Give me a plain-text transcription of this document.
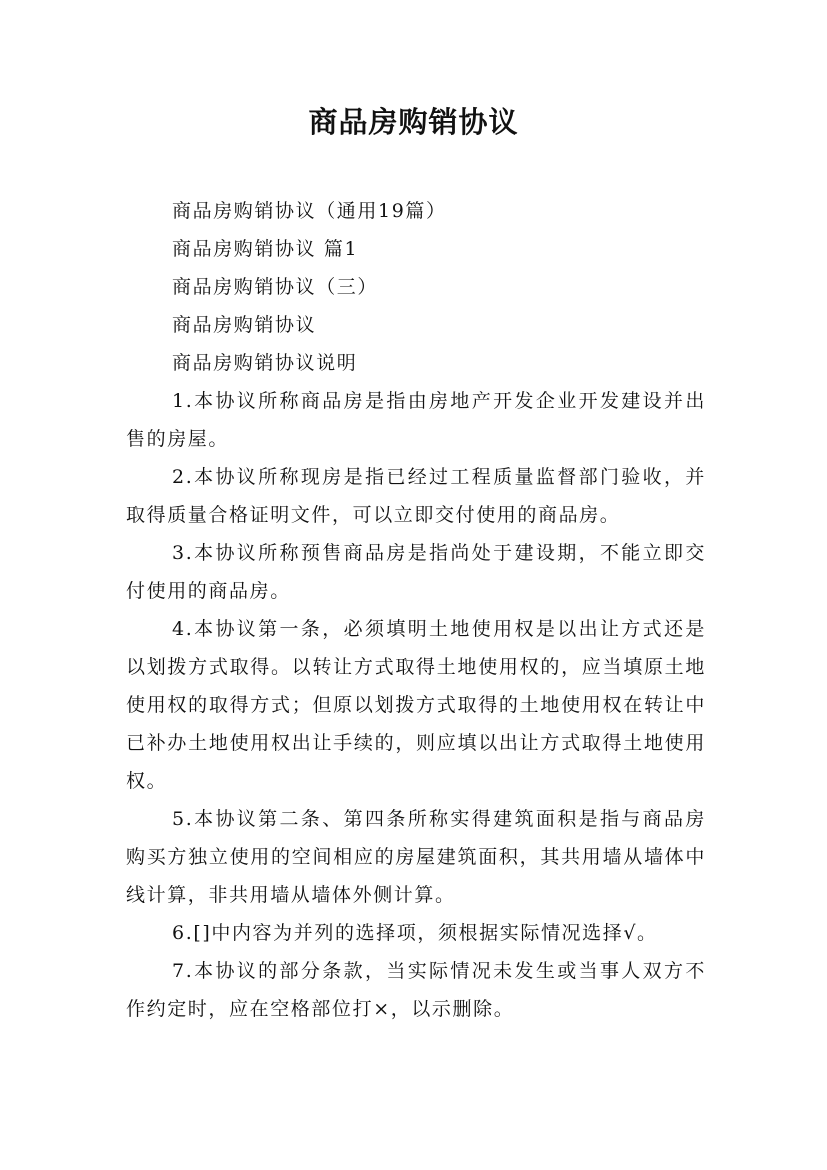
商品房购销协议

商品房购销协议（通用19篇）

商品房购销协议 篇1

商品房购销协议（三）

商品房购销协议

商品房购销协议说明

1.本协议所称商品房是指由房地产开发企业开发建设并出售的房屋。

2.本协议所称现房是指已经过工程质量监督部门验收，并取得质量合格证明文件，可以立即交付使用的商品房。

3.本协议所称预售商品房是指尚处于建设期，不能立即交付使用的商品房。

4.本协议第一条，必须填明土地使用权是以出让方式还是以划拨方式取得。以转让方式取得土地使用权的，应当填原土地使用权的取得方式；但原以划拨方式取得的土地使用权在转让中已补办土地使用权出让手续的，则应填以出让方式取得土地使用权。

5.本协议第二条、第四条所称实得建筑面积是指与商品房购买方独立使用的空间相应的房屋建筑面积，其共用墙从墙体中线计算，非共用墙从墙体外侧计算。

6.[]中内容为并列的选择项，须根据实际情况选择√。

7.本协议的部分条款，当实际情况未发生或当事人双方不作约定时，应在空格部位打×，以示删除。
